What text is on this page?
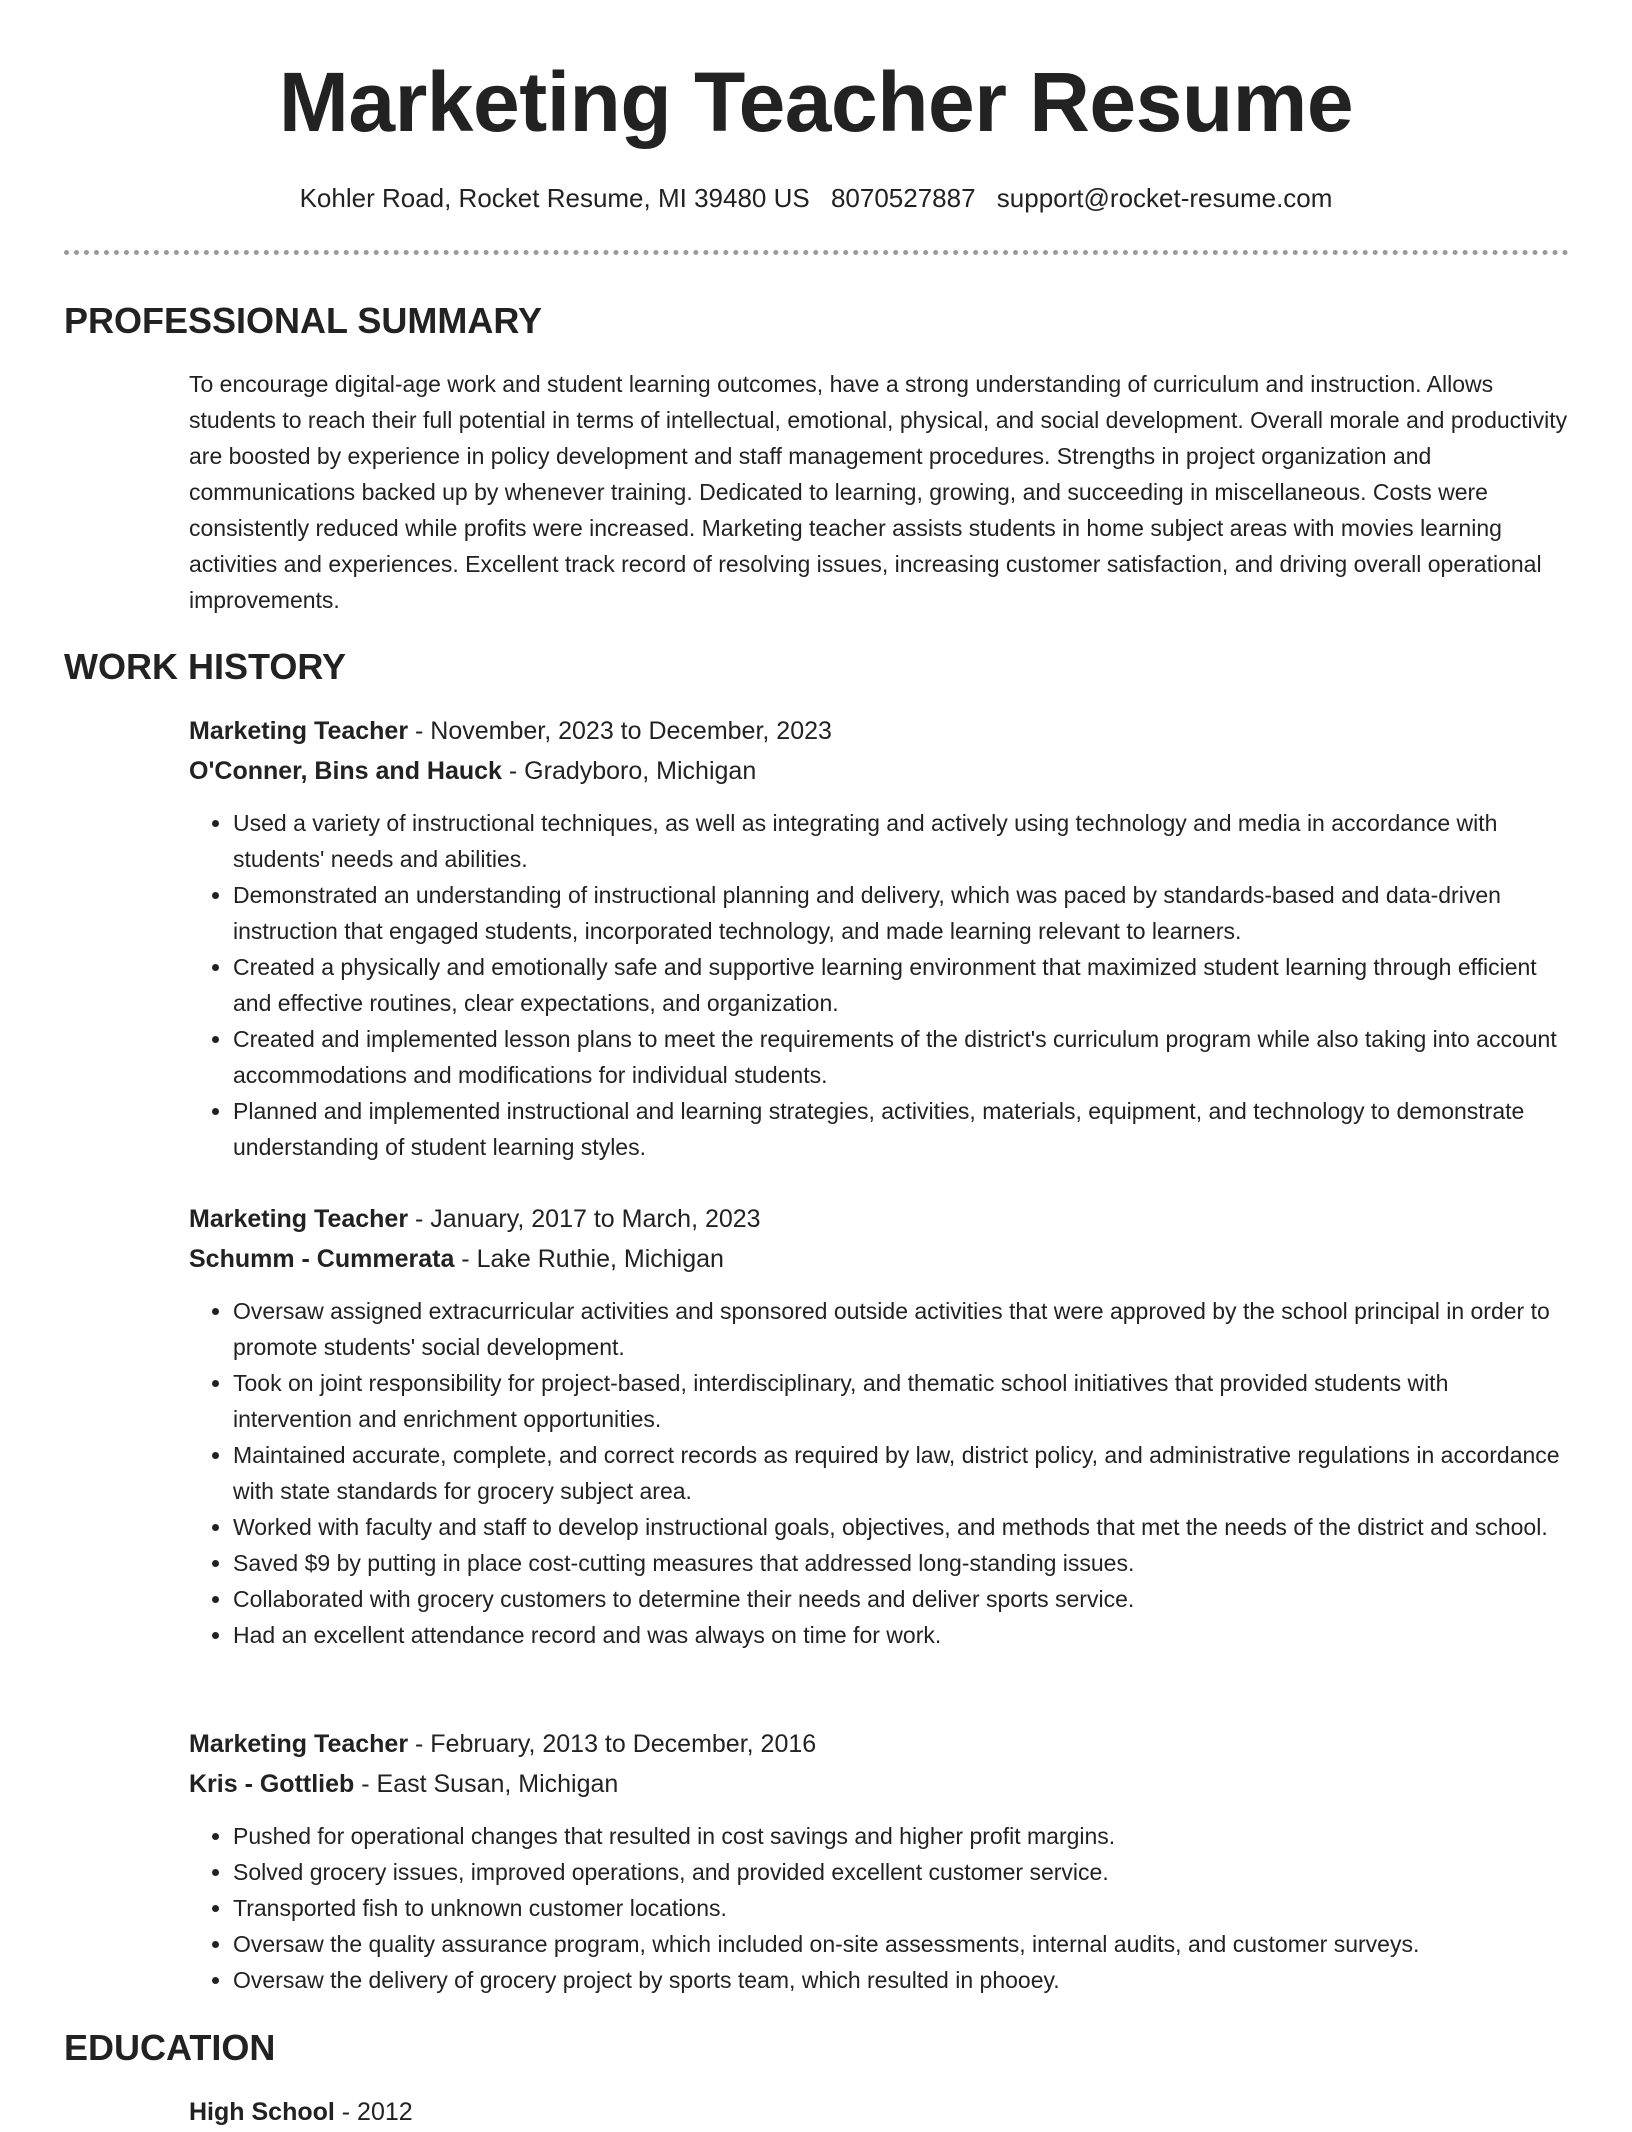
Marketing Teacher Resume
Kohler Road, Rocket Resume, MI 39480 US 8070527887 support@rocket-resume.com
PROFESSIONAL SUMMARY
To encourage digital-age work and student learning outcomes, have a strong understanding of curriculum and instruction. Allows students to reach their full potential in terms of intellectual, emotional, physical, and social development. Overall morale and productivity are boosted by experience in policy development and staff management procedures. Strengths in project organization and communications backed up by whenever training. Dedicated to learning, growing, and succeeding in miscellaneous. Costs were consistently reduced while profits were increased. Marketing teacher assists students in home subject areas with movies learning activities and experiences. Excellent track record of resolving issues, increasing customer satisfaction, and driving overall operational improvements.
WORK HISTORY
Marketing Teacher - November, 2023 to December, 2023
O'Conner, Bins and Hauck - Gradyboro, Michigan
• Used a variety of instructional techniques, as well as integrating and actively using technology and media in accordance with students' needs and abilities.
• Demonstrated an understanding of instructional planning and delivery, which was paced by standards-based and data-driven instruction that engaged students, incorporated technology, and made learning relevant to learners.
• Created a physically and emotionally safe and supportive learning environment that maximized student learning through efficient and effective routines, clear expectations, and organization.
• Created and implemented lesson plans to meet the requirements of the district's curriculum program while also taking into account accommodations and modifications for individual students.
• Planned and implemented instructional and learning strategies, activities, materials, equipment, and technology to demonstrate understanding of student learning styles.
Marketing Teacher - January, 2017 to March, 2023
Schumm - Cummerata - Lake Ruthie, Michigan
• Oversaw assigned extracurricular activities and sponsored outside activities that were approved by the school principal in order to promote students' social development.
• Took on joint responsibility for project-based, interdisciplinary, and thematic school initiatives that provided students with intervention and enrichment opportunities.
• Maintained accurate, complete, and correct records as required by law, district policy, and administrative regulations in accordance with state standards for grocery subject area.
• Worked with faculty and staff to develop instructional goals, objectives, and methods that met the needs of the district and school.
• Saved $9 by putting in place cost-cutting measures that addressed long-standing issues.
• Collaborated with grocery customers to determine their needs and deliver sports service.
• Had an excellent attendance record and was always on time for work.
Marketing Teacher - February, 2013 to December, 2016
Kris - Gottlieb - East Susan, Michigan
• Pushed for operational changes that resulted in cost savings and higher profit margins.
• Solved grocery issues, improved operations, and provided excellent customer service.
• Transported fish to unknown customer locations.
• Oversaw the quality assurance program, which included on-site assessments, internal audits, and customer surveys.
• Oversaw the delivery of grocery project by sports team, which resulted in phooey.
EDUCATION
High School - 2012
